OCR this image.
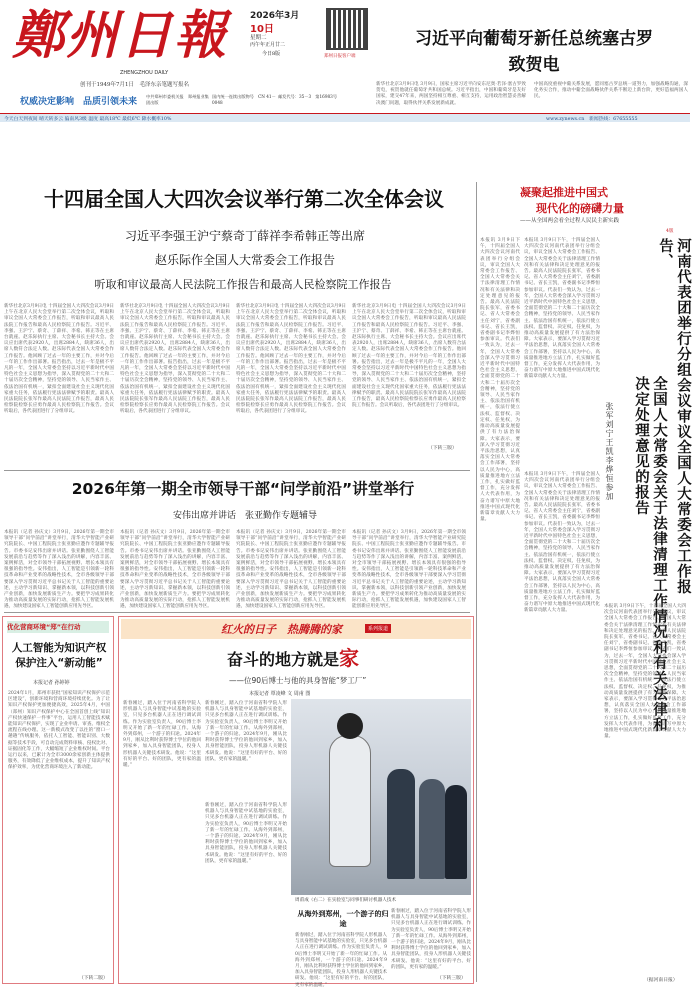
鄭州日報
ZHENGZHOU DAILY
创刊于1949年7月1日　毛泽东亲笔题写报名
权威决定影响　品质引领未来
2026年3月
10日
星期二
丙午年正月廿二
今日8版	郑州日报客户端
中共郑州市委机关报　郑州报业集团出版
国内统一连续出版物号　CN 41－0048
邮发代号：35－3　第16983号
今天白天到夜间 晴天转多云 偏南风3级 温度 最高18℃ 最低6℃ 降水概率10%	www.zynews.cn　新闻热线：67655555
习近平向葡萄牙新任总统塞古罗致贺电
新华社北京3月9日电 3月9日，国家主席习近平向安东尼奥·若泽·塞古罗致贺电，祝贺他就任葡萄牙共和国总统。习近平指出，中国和葡萄牙是友好国家，建交47年来，两国坚持相互尊重、相互支持，运用政治智慧妥善解决澳门问题，取得伙伴关系发展新成就。
中国高度重视中葡关系发展，愿同塞古罗总统一道努力，加强战略沟通，深化务实合作，推动中葡全面战略伙伴关系不断迈上新台阶，更好造福两国人民。
十四届全国人大四次会议举行第二次全体会议
习近平李强王沪宁蔡奇丁薛祥李希韩正等出席
赵乐际作全国人大常委会工作报告
听取和审议最高人民法院工作报告和最高人民检察院工作报告
新华社北京3月9日电 十四届全国人大四次会议3月9日上午在北京人民大会堂举行第二次全体会议，听取和审议全国人大常委会工作报告，听取和审议最高人民法院工作报告和最高人民检察院工作报告。习近平、李强、王沪宁、蔡奇、丁薛祥、李希、韩正等在主席台就座。赵乐际执行主席、大会秘书长主持大会。会议应出席代表2920人，出席2884人，缺席36人，出席人数符合法定人数。赵乐际代表全国人大常委会作工作报告。他回顾了过去一年的主要工作，并对今后一年的工作作出部署。报告指出，过去一年是极不平凡的一年，全国人大常委会坚持以习近平新时代中国特色社会主义思想为指导，深入贯彻党的二十大和二十届历次全会精神，坚持党的领导、人民当家作主、依法治国有机统一，紧扣全面建设社会主义现代化国家重大任务，依法履行宪法法律赋予的职责。最高人民法院院长张军作最高人民法院工作报告，最高人民检察院检察长应勇作最高人民检察院工作报告。会议听取后，各代表团进行了分组审议。
新华社北京3月9日电 十四届全国人大四次会议3月9日上午在北京人民大会堂举行第二次全体会议，听取和审议全国人大常委会工作报告，听取和审议最高人民法院工作报告和最高人民检察院工作报告。习近平、李强、王沪宁、蔡奇、丁薛祥、李希、韩正等在主席台就座。赵乐际执行主席、大会秘书长主持大会。会议应出席代表2920人，出席2884人，缺席36人，出席人数符合法定人数。赵乐际代表全国人大常委会作工作报告。他回顾了过去一年的主要工作，并对今后一年的工作作出部署。报告指出，过去一年是极不平凡的一年，全国人大常委会坚持以习近平新时代中国特色社会主义思想为指导，深入贯彻党的二十大和二十届历次全会精神，坚持党的领导、人民当家作主、依法治国有机统一，紧扣全面建设社会主义现代化国家重大任务，依法履行宪法法律赋予的职责。最高人民法院院长张军作最高人民法院工作报告，最高人民检察院检察长应勇作最高人民检察院工作报告。会议听取后，各代表团进行了分组审议。
新华社北京3月9日电 十四届全国人大四次会议3月9日上午在北京人民大会堂举行第二次全体会议，听取和审议全国人大常委会工作报告，听取和审议最高人民法院工作报告和最高人民检察院工作报告。习近平、李强、王沪宁、蔡奇、丁薛祥、李希、韩正等在主席台就座。赵乐际执行主席、大会秘书长主持大会。会议应出席代表2920人，出席2884人，缺席36人，出席人数符合法定人数。赵乐际代表全国人大常委会作工作报告。他回顾了过去一年的主要工作，并对今后一年的工作作出部署。报告指出，过去一年是极不平凡的一年，全国人大常委会坚持以习近平新时代中国特色社会主义思想为指导，深入贯彻党的二十大和二十届历次全会精神，坚持党的领导、人民当家作主、依法治国有机统一，紧扣全面建设社会主义现代化国家重大任务，依法履行宪法法律赋予的职责。最高人民法院院长张军作最高人民法院工作报告，最高人民检察院检察长应勇作最高人民检察院工作报告。会议听取后，各代表团进行了分组审议。
新华社北京3月9日电 十四届全国人大四次会议3月9日上午在北京人民大会堂举行第二次全体会议，听取和审议全国人大常委会工作报告，听取和审议最高人民法院工作报告和最高人民检察院工作报告。习近平、李强、王沪宁、蔡奇、丁薛祥、李希、韩正等在主席台就座。赵乐际执行主席、大会秘书长主持大会。会议应出席代表2920人，出席2884人，缺席36人，出席人数符合法定人数。赵乐际代表全国人大常委会作工作报告。他回顾了过去一年的主要工作，并对今后一年的工作作出部署。报告指出，过去一年是极不平凡的一年，全国人大常委会坚持以习近平新时代中国特色社会主义思想为指导，深入贯彻党的二十大和二十届历次全会精神，坚持党的领导、人民当家作主、依法治国有机统一，紧扣全面建设社会主义现代化国家重大任务，依法履行宪法法律赋予的职责。最高人民法院院长张军作最高人民法院工作报告，最高人民检察院检察长应勇作最高人民检察院工作报告。会议听取后，各代表团进行了分组审议。
（下转三版）
凝聚起推进中国式
现代化的磅礴力量
——从全国两会看全过程人民民主新实践
4版
河南代表团举行分组会议审议全国人大常委会工作报告、
全国人大常委会关于法律清理工作情况和有关法律和决定处理意见的报告
张军刘宁王凯李烨恒参加
本报讯 3月9日下午，十四届全国人大四次会议河南代表团举行分组会议，审议全国人大常委会工作报告、全国人大常委会关于法律清理工作情况和有关法律和决定处理意见的报告。最高人民法院院长张军，省委书记、省人大常委会主任刘宁，省委副书记、省长王凯，省委副书记李烨恒参加审议。代表们一致认为，过去一年，全国人大常委会深入学习贯彻习近平新时代中国特色社会主义思想，全面贯彻党的二十大和二十届历次全会精神，坚持党的领导、人民当家作主、依法治国有机统一，依法行使立法权、监督权、决定权、任免权，为推动高质量发展提供了有力法治保障。大家表示，要深入学习贯彻习近平法治思想，认真落实全国人大常委会工作部署，坚持以人民为中心，高质量推进地方立法工作，扎实做好监督工作，充分发挥人大代表作用，为奋力谱写中原大地推进中国式现代化新篇章贡献人大力量。
本报讯 3月9日下午，十四届全国人大四次会议河南代表团举行分组会议，审议全国人大常委会工作报告、全国人大常委会关于法律清理工作情况和有关法律和决定处理意见的报告。最高人民法院院长张军，省委书记、省人大常委会主任刘宁，省委副书记、省长王凯，省委副书记李烨恒参加审议。代表们一致认为，过去一年，全国人大常委会深入学习贯彻习近平新时代中国特色社会主义思想，全面贯彻党的二十大和二十届历次全会精神，坚持党的领导、人民当家作主、依法治国有机统一，依法行使立法权、监督权、决定权、任免权，为推动高质量发展提供了有力法治保障。大家表示，要深入学习贯彻习近平法治思想，认真落实全国人大常委会工作部署，坚持以人民为中心，高质量推进地方立法工作，扎实做好监督工作，充分发挥人大代表作用，为奋力谱写中原大地推进中国式现代化新篇章贡献人大力量。
本报讯 3月9日下午，十四届全国人大四次会议河南代表团举行分组会议，审议全国人大常委会工作报告、全国人大常委会关于法律清理工作情况和有关法律和决定处理意见的报告。最高人民法院院长张军，省委书记、省人大常委会主任刘宁，省委副书记、省长王凯，省委副书记李烨恒参加审议。代表们一致认为，过去一年，全国人大常委会深入学习贯彻习近平新时代中国特色社会主义思想，全面贯彻党的二十大和二十届历次全会精神，坚持党的领导、人民当家作主、依法治国有机统一，依法行使立法权、监督权、决定权、任免权，为推动高质量发展提供了有力法治保障。大家表示，要深入学习贯彻习近平法治思想，认真落实全国人大常委会工作部署，坚持以人民为中心，高质量推进地方立法工作，扎实做好监督工作，充分发挥人大代表作用，为奋力谱写中原大地推进中国式现代化新篇章贡献人大力量。
本报讯 3月9日下午，十四届全国人大四次会议河南代表团举行分组会议，审议全国人大常委会工作报告、全国人大常委会关于法律清理工作情况和有关法律和决定处理意见的报告。最高人民法院院长张军，省委书记、省人大常委会主任刘宁，省委副书记、省长王凯，省委副书记李烨恒参加审议。代表们一致认为，过去一年，全国人大常委会深入学习贯彻习近平新时代中国特色社会主义思想，全面贯彻党的二十大和二十届历次全会精神，坚持党的领导、人民当家作主、依法治国有机统一，依法行使立法权、监督权、决定权、任免权，为推动高质量发展提供了有力法治保障。大家表示，要深入学习贯彻习近平法治思想，认真落实全国人大常委会工作部署，坚持以人民为中心，高质量推进地方立法工作，扎实做好监督工作，充分发挥人大代表作用，为奋力谱写中原大地推进中国式现代化新篇章贡献人大力量。
（据河南日报）
2026年第一期全市领导干部“问学前沿”讲堂举行
安伟出席并讲话　张亚勤作专题辅导
本报讯（记者 孙庆文）3月9日，2026年第一期全市领导干部“问学前沿”讲堂举行，清华大学智能产业研究院院长、中国工程院院士张亚勤应邀作专题辅导报告。市委书记安伟出席并讲话。张亚勤围绕人工智能发展前沿与趋势等作了深入浅出的讲解，内容丰富、案例鲜活，对全市领导干部拓展视野、增长本领具有很强的指导性。安伟指出，人工智能是引领新一轮科技革命和产业变革的战略性技术，全市各级领导干部要深入学习贯彻习近平总书记关于人工智能的重要论述，主动学习新知识、掌握新本领，以科技创新引领产业创新，加快发展新质生产力。要把学习成果转化为推动高质量发展的实际行动，抢抓人工智能发展机遇，加快建设国家人工智能创新应用先导区。
本报讯（记者 孙庆文）3月9日，2026年第一期全市领导干部“问学前沿”讲堂举行，清华大学智能产业研究院院长、中国工程院院士张亚勤应邀作专题辅导报告。市委书记安伟出席并讲话。张亚勤围绕人工智能发展前沿与趋势等作了深入浅出的讲解，内容丰富、案例鲜活，对全市领导干部拓展视野、增长本领具有很强的指导性。安伟指出，人工智能是引领新一轮科技革命和产业变革的战略性技术，全市各级领导干部要深入学习贯彻习近平总书记关于人工智能的重要论述，主动学习新知识、掌握新本领，以科技创新引领产业创新，加快发展新质生产力。要把学习成果转化为推动高质量发展的实际行动，抢抓人工智能发展机遇，加快建设国家人工智能创新应用先导区。
本报讯（记者 孙庆文）3月9日，2026年第一期全市领导干部“问学前沿”讲堂举行，清华大学智能产业研究院院长、中国工程院院士张亚勤应邀作专题辅导报告。市委书记安伟出席并讲话。张亚勤围绕人工智能发展前沿与趋势等作了深入浅出的讲解，内容丰富、案例鲜活，对全市领导干部拓展视野、增长本领具有很强的指导性。安伟指出，人工智能是引领新一轮科技革命和产业变革的战略性技术，全市各级领导干部要深入学习贯彻习近平总书记关于人工智能的重要论述，主动学习新知识、掌握新本领，以科技创新引领产业创新，加快发展新质生产力。要把学习成果转化为推动高质量发展的实际行动，抢抓人工智能发展机遇，加快建设国家人工智能创新应用先导区。
本报讯（记者 孙庆文）3月9日，2026年第一期全市领导干部“问学前沿”讲堂举行，清华大学智能产业研究院院长、中国工程院院士张亚勤应邀作专题辅导报告。市委书记安伟出席并讲话。张亚勤围绕人工智能发展前沿与趋势等作了深入浅出的讲解，内容丰富、案例鲜活，对全市领导干部拓展视野、增长本领具有很强的指导性。安伟指出，人工智能是引领新一轮科技革命和产业变革的战略性技术，全市各级领导干部要深入学习贯彻习近平总书记关于人工智能的重要论述，主动学习新知识、掌握新本领，以科技创新引领产业创新，加快发展新质生产力。要把学习成果转化为推动高质量发展的实际行动，抢抓人工智能发展机遇，加快建设国家人工智能创新应用先导区。
优化营商环境“郑”在行动
人工智能为知识产权保护注入“新动能”
本报记者 孙婷婷
2024年1月，郑州市获批“国家知识产权保护示范区建设”，创新环境和营商环境持续优化。为了让知识产权保护更加便捷高效，2025年4月，中国（郑州）知识产权保护中心在全国首创上线“知识产权快速保护一件事”平台，运用人工智能技术赋能知识产权保护，实现了企业申请、审查、维权全流程在线办理。这一新模式改变了以往的“窗口一趟趟”传统服务，依托人工智能、智能识别、大数据等技术手段，可自动完成资料审核、侵权比对、证据固化等工作，大幅缩短了企业维权时间。平台运行以来，已累计为全市3000余家创新主体提供服务，有效降低了企业维权成本，提升了知识产权保护效率，为优化营商环境注入了新动能。
（下转二版）
红火的日子　热腾腾的家	系列报道
奋斗的地方就是家
——位90后博士与他的具身智能“梦工厂”
本报记者 覃凌峰 文 周甫 图
新春刚过，踏入位于河南省科学院人形机器人与具身智能中试基地的实验室，只见多台机器人正在进行调试训练。作为实验室负责人，90后博士李明又开始了新一年的忙碌工作。从海外到郑州，一个游子的归途。2024年9月，刚从比利时获得博士学位的他回到家乡，加入具身智能团队，投身人形机器人关键技术研发。他说：“这里有好的平台、好的团队，更有家的温暖。”
新春刚过，踏入位于河南省科学院人形机器人与具身智能中试基地的实验室，只见多台机器人正在进行调试训练。作为实验室负责人，90后博士李明又开始了新一年的忙碌工作。从海外到郑州，一个游子的归途。2024年9月，刚从比利时获得博士学位的他回到家乡，加入具身智能团队，投身人形机器人关键技术研发。他说：“这里有好的平台、好的团队，更有家的温暖。”
周甫成（右二）在实验室与同事们研讨机器人技术
新春刚过，踏入位于河南省科学院人形机器人与具身智能中试基地的实验室，只见多台机器人正在进行调试训练。作为实验室负责人，90后博士李明又开始了新一年的忙碌工作。从海外到郑州，一个游子的归途。2024年9月，刚从比利时获得博士学位的他回到家乡，加入具身智能团队，投身人形机器人关键技术研发。他说：“这里有好的平台、好的团队，更有家的温暖。”
从海外到郑州，一个游子的归途
新春刚过，踏入位于河南省科学院人形机器人与具身智能中试基地的实验室，只见多台机器人正在进行调试训练。作为实验室负责人，90后博士李明又开始了新一年的忙碌工作。从海外到郑州，一个游子的归途。2024年9月，刚从比利时获得博士学位的他回到家乡，加入具身智能团队，投身人形机器人关键技术研发。他说：“这里有好的平台、好的团队，更有家的温暖。”
新春刚过，踏入位于河南省科学院人形机器人与具身智能中试基地的实验室，只见多台机器人正在进行调试训练。作为实验室负责人，90后博士李明又开始了新一年的忙碌工作。从海外到郑州，一个游子的归途。2024年9月，刚从比利时获得博士学位的他回到家乡，加入具身智能团队，投身人形机器人关键技术研发。他说：“这里有好的平台、好的团队，更有家的温暖。”
（下转三版）
